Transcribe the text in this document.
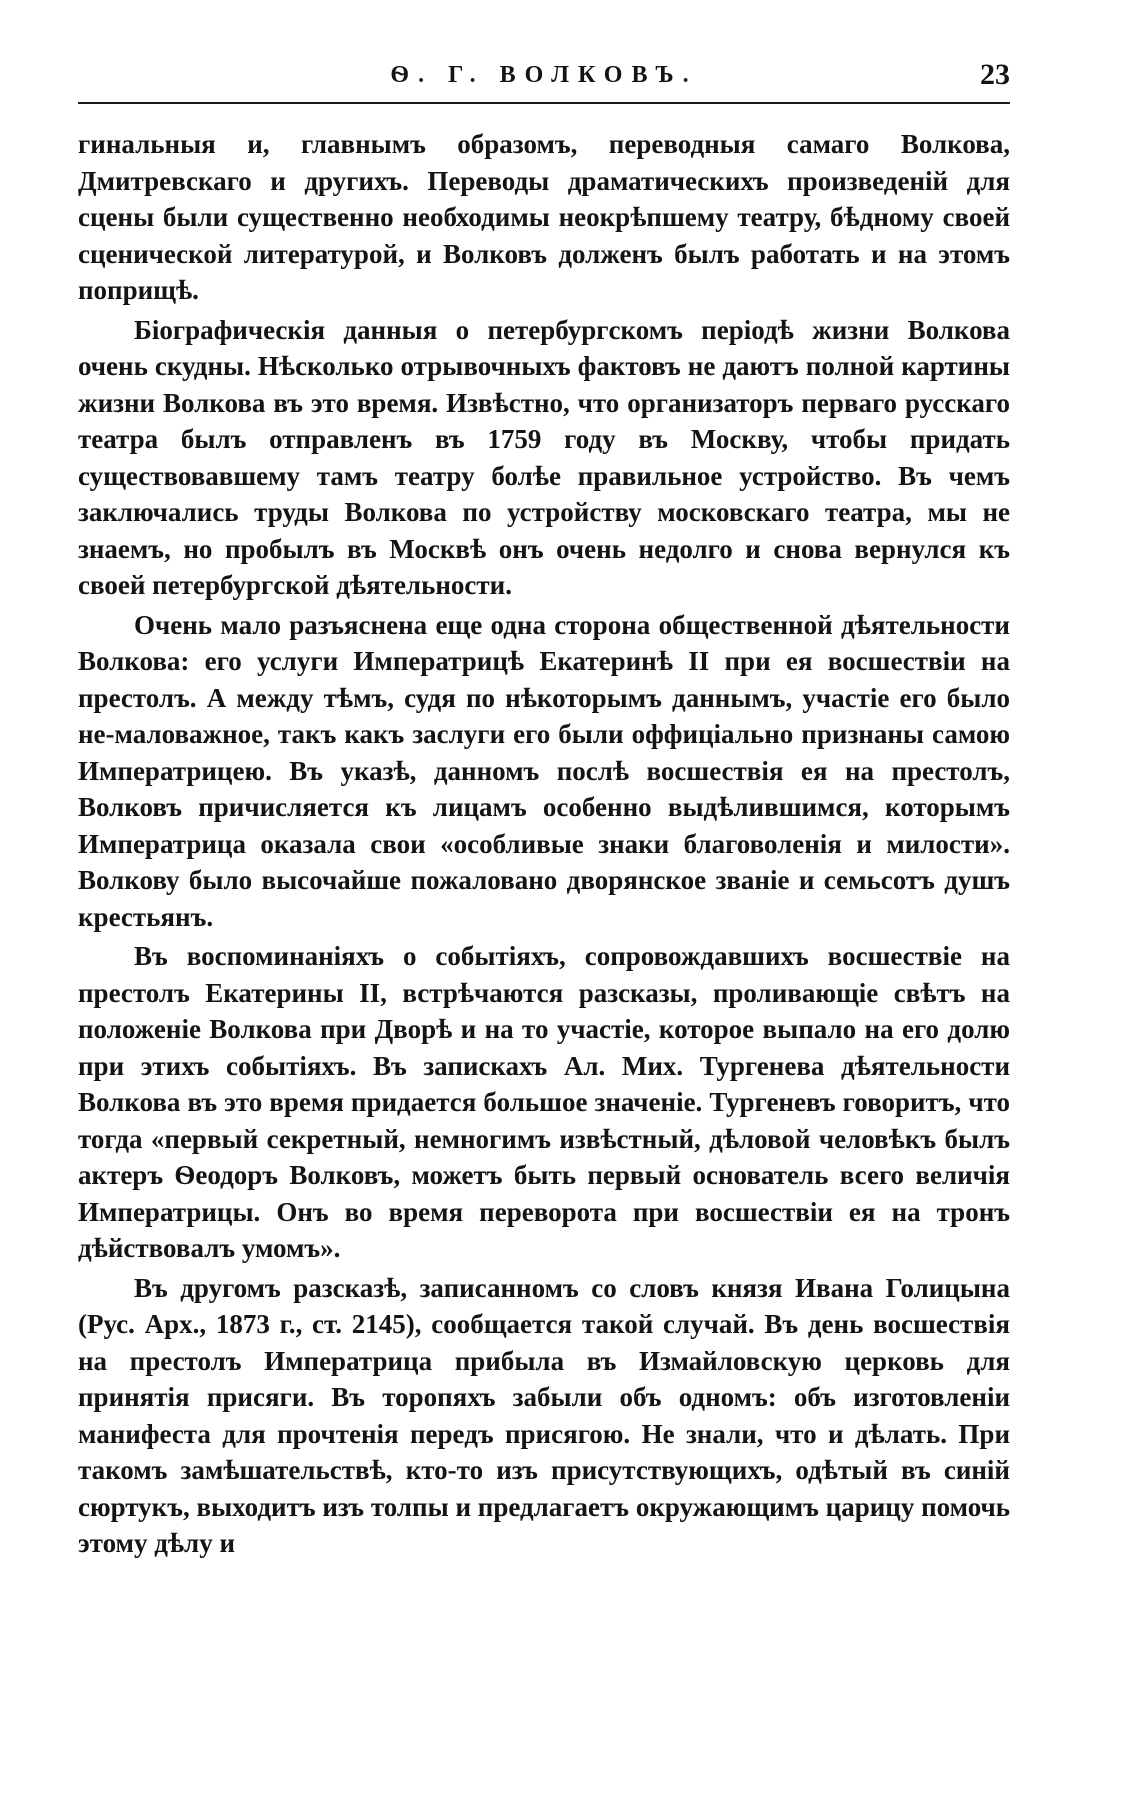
Ѳ. Г. ВОЛКОВЪ.	23

гинальныя и, главнымъ образомъ, переводныя самаго Волкова, Дмитревскаго и другихъ. Переводы драматическихъ произведенiй для сцены были существенно необходимы неокрѣпшему театру, бѣдному своей сценической литературой, и Волковъ долженъ былъ работать и на этомъ поприщѣ.

Бiографическiя данныя о петербургскомъ перiодѣ жизни Волкова очень скудны. Нѣсколько отрывочныхъ фактовъ не даютъ полной картины жизни Волкова въ это время. Извѣстно, что организаторъ перваго русскаго театра былъ отправленъ въ 1759 году въ Москву, чтобы придать существовавшему тамъ театру болѣе правильное устройство. Въ чемъ заключались труды Волкова по устройству московскаго театра, мы не знаемъ, но пробылъ въ Москвѣ онъ очень недолго и снова вернулся къ своей петербургской дѣятельности.

Очень мало разъяснена еще одна сторона общественной дѣятельности Волкова: его услуги Императрицѣ Екатеринѣ II при ея восшествiи на престолъ. А между тѣмъ, судя по нѣкоторымъ даннымъ, участiе его было не-маловажное, такъ какъ заслуги его были оффицiально признаны самою Императрицею. Въ указѣ, данномъ послѣ восшествiя ея на престолъ, Волковъ причисляется къ лицамъ особенно выдѣлившимся, которымъ Императрица оказала свои «особливые знаки благоволенiя и милости». Волкову было высочайше пожаловано дворянское званiе и семьсотъ душъ крестьянъ.

Въ воспоминанiяхъ о событiяхъ, сопровождавшихъ восшествiе на престолъ Екатерины II, встрѣчаются разсказы, проливающiе свѣтъ на положенiе Волкова при Дворѣ и на то участiе, которое выпало на его долю при этихъ событiяхъ. Въ запискахъ Ал. Мих. Тургенева дѣятельности Волкова въ это время придается большое значенiе. Тургеневъ говоритъ, что тогда «первый секретный, немногимъ извѣстный, дѣловой человѣкъ былъ актеръ Ѳеодоръ Волковъ, можетъ быть первый основатель всего величiя Императрицы. Онъ во время переворота при восшествiи ея на тронъ дѣйствовалъ умомъ».

Въ другомъ разсказѣ, записанномъ со словъ князя Ивана Голицына (Рус. Арх., 1873 г., ст. 2145), сообщается такой случай. Въ день восшествiя на престолъ Императрица прибыла въ Измайловскую церковь для принятiя присяги. Въ торопяхъ забыли объ одномъ: объ изготовленiи манифеста для прочтенiя передъ присягою. Не знали, что и дѣлать. При такомъ замѣшательствѣ, кто-то изъ присутствующихъ, одѣтый въ синiй сюртукъ, выходитъ изъ толпы и предлагаетъ окружающимъ царицу помочь этому дѣлу и
